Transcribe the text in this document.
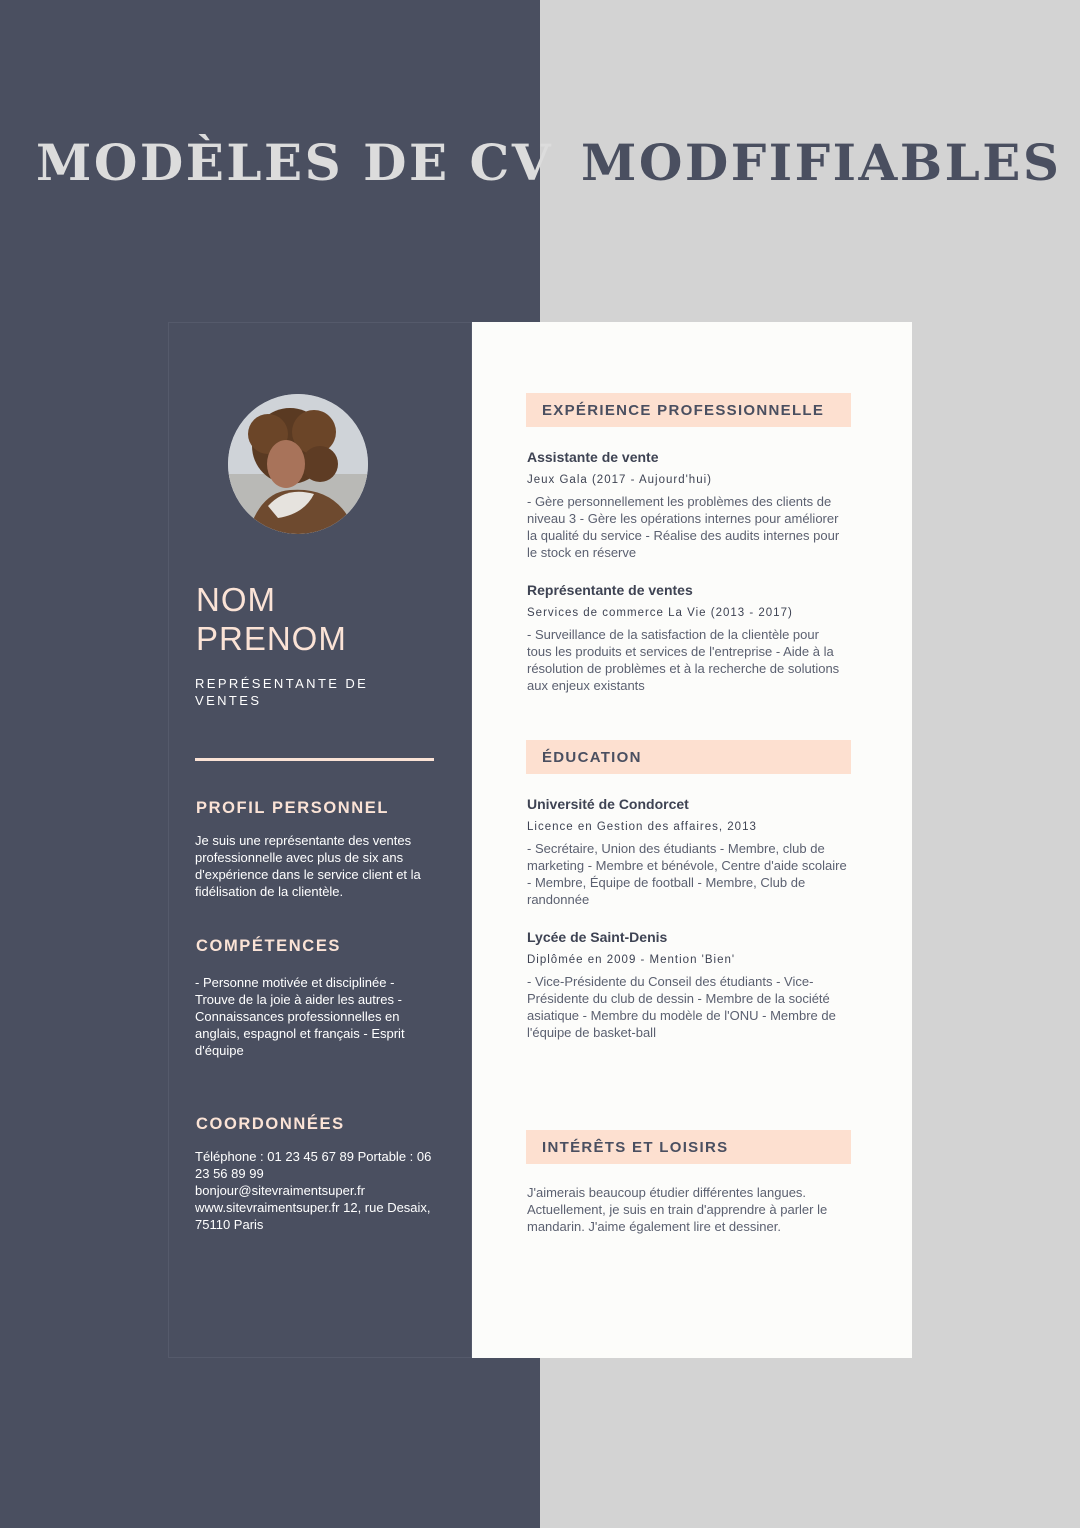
MODÈLES DE CV MODFIFIABLES
NOM
PRENOM

REPRÉSENTANTE DE VENTES

PROFIL PERSONNEL

Je suis une représentante des ventes professionnelle avec plus de six ans d'expérience dans le service client et la fidélisation de la clientèle.

COMPÉTENCES

- Personne motivée et disciplinée - Trouve de la joie à aider les autres - Connaissances professionnelles en anglais, espagnol et français - Esprit d'équipe

COORDONNÉES

Téléphone : 01 23 45 67 89 Portable : 06 23 56 89 99 bonjour@sitevraimentsuper.fr www.sitevraimentsuper.fr 12, rue Desaix, 75110 Paris

EXPÉRIENCE PROFESSIONNELLE
Assistante de vente
Jeux Gala (2017 - Aujourd'hui)

- Gère personnellement les problèmes des clients de niveau 3 - Gère les opérations internes pour améliorer la qualité du service - Réalise des audits internes pour le stock en réserve

Représentante de ventes
Services de commerce La Vie (2013 - 2017)

- Surveillance de la satisfaction de la clientèle pour tous les produits et services de l'entreprise - Aide à la résolution de problèmes et à la recherche de solutions aux enjeux existants

ÉDUCATION
Université de Condorcet
Licence en Gestion des affaires, 2013

- Secrétaire, Union des étudiants - Membre, club de marketing - Membre et bénévole, Centre d'aide scolaire - Membre, Équipe de football - Membre, Club de randonnée

Lycée de Saint-Denis
Diplômée en 2009 - Mention 'Bien'

- Vice-Présidente du Conseil des étudiants - Vice-Présidente du club de dessin - Membre de la société asiatique - Membre du modèle de l'ONU - Membre de l'équipe de basket-ball

INTÉRÊTS ET LOISIRS

J'aimerais beaucoup étudier différentes langues. Actuellement, je suis en train d'apprendre à parler le mandarin. J'aime également lire et dessiner.
